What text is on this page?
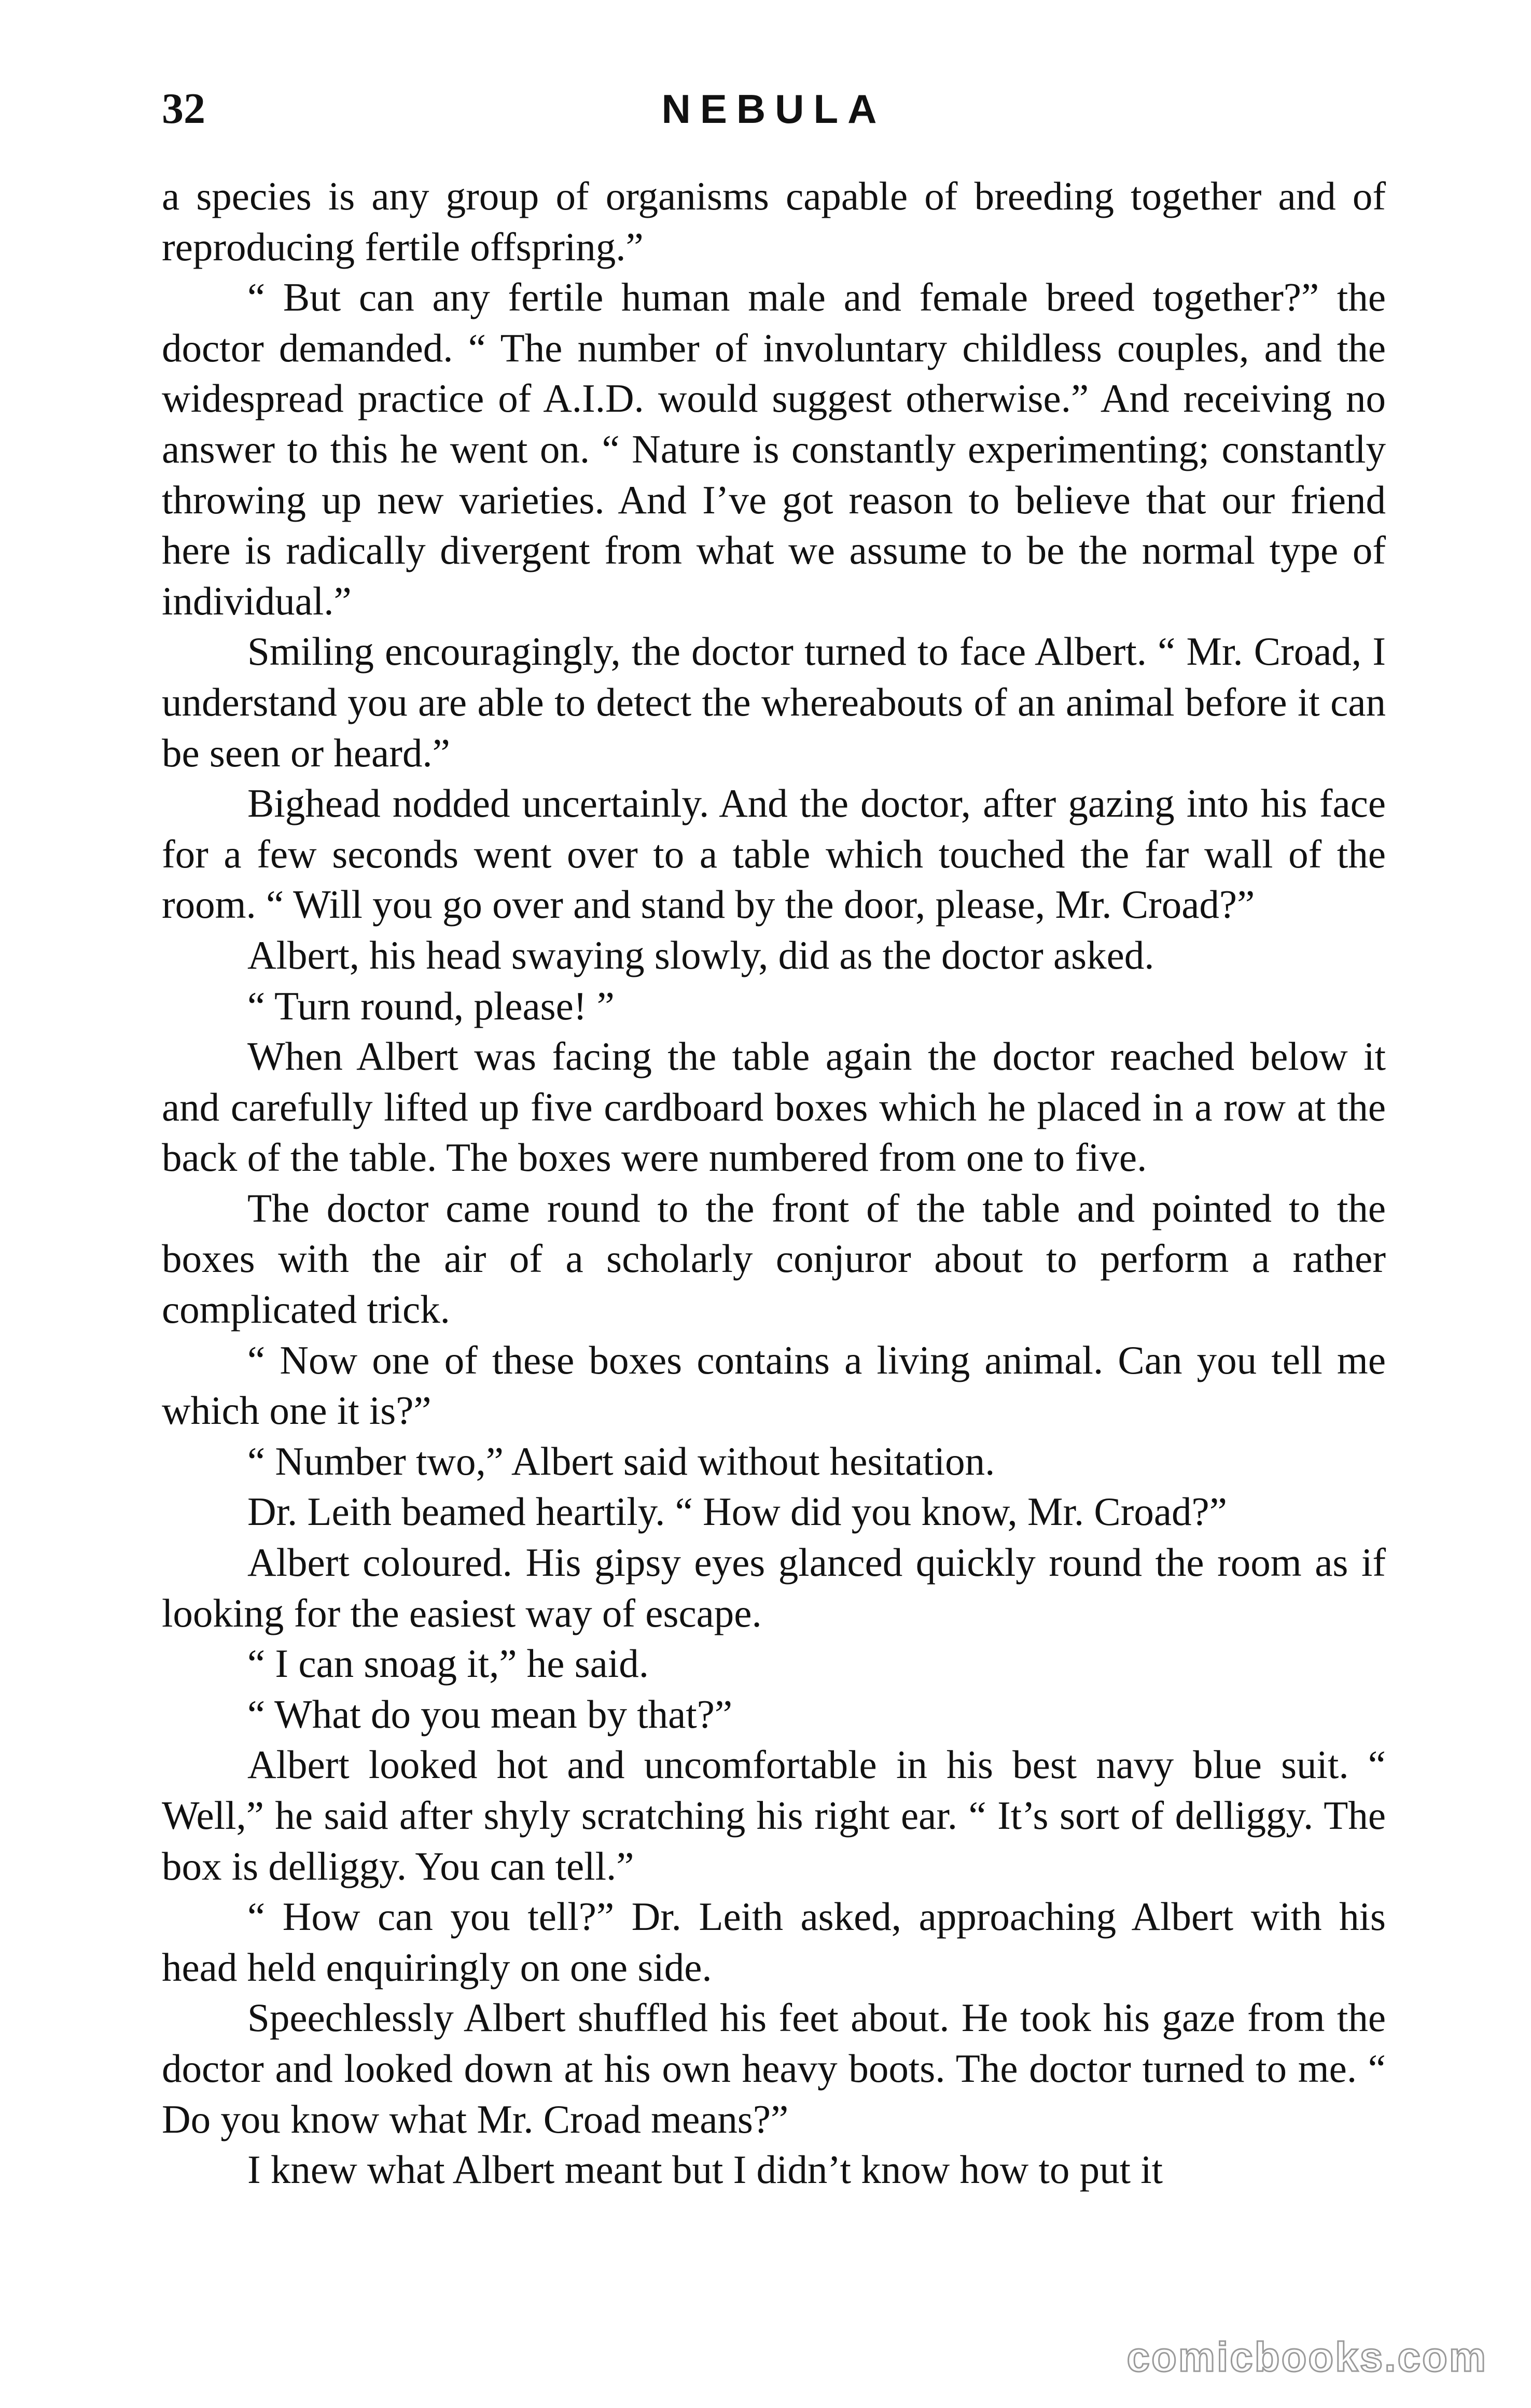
32	NEBULA

a species is any group of organisms capable of breeding together and of reproducing fertile offspring.”

“ But can any fertile human male and female breed together?” the doctor demanded. “ The number of involuntary childless couples, and the widespread practice of A.I.D. would suggest otherwise.” And receiving no answer to this he went on. “ Nature is constantly experimenting; constantly throwing up new varieties. And I’ve got reason to believe that our friend here is radically divergent from what we assume to be the normal type of individual.”

Smiling encouragingly, the doctor turned to face Albert. “ Mr. Croad, I understand you are able to detect the whereabouts of an animal before it can be seen or heard.”

Bighead nodded uncertainly. And the doctor, after gazing into his face for a few seconds went over to a table which touched the far wall of the room. “ Will you go over and stand by the door, please, Mr. Croad?”

Albert, his head swaying slowly, did as the doctor asked.

“ Turn round, please! ”

When Albert was facing the table again the doctor reached below it and carefully lifted up five cardboard boxes which he placed in a row at the back of the table. The boxes were numbered from one to five.

The doctor came round to the front of the table and pointed to the boxes with the air of a scholarly conjuror about to perform a rather complicated trick.

“ Now one of these boxes contains a living animal. Can you tell me which one it is?”

“ Number two,” Albert said without hesitation.

Dr. Leith beamed heartily. “ How did you know, Mr. Croad?”

Albert coloured. His gipsy eyes glanced quickly round the room as if looking for the easiest way of escape.

“ I can snoag it,” he said.

“ What do you mean by that?”

Albert looked hot and uncomfortable in his best navy blue suit. “ Well,” he said after shyly scratching his right ear. “ It’s sort of delliggy. The box is delliggy. You can tell.”

“ How can you tell?” Dr. Leith asked, approaching Albert with his head held enquiringly on one side.

Speechlessly Albert shuffled his feet about. He took his gaze from the doctor and looked down at his own heavy boots. The doctor turned to me. “ Do you know what Mr. Croad means?”

I knew what Albert meant but I didn’t know how to put it

comicbooks.com
